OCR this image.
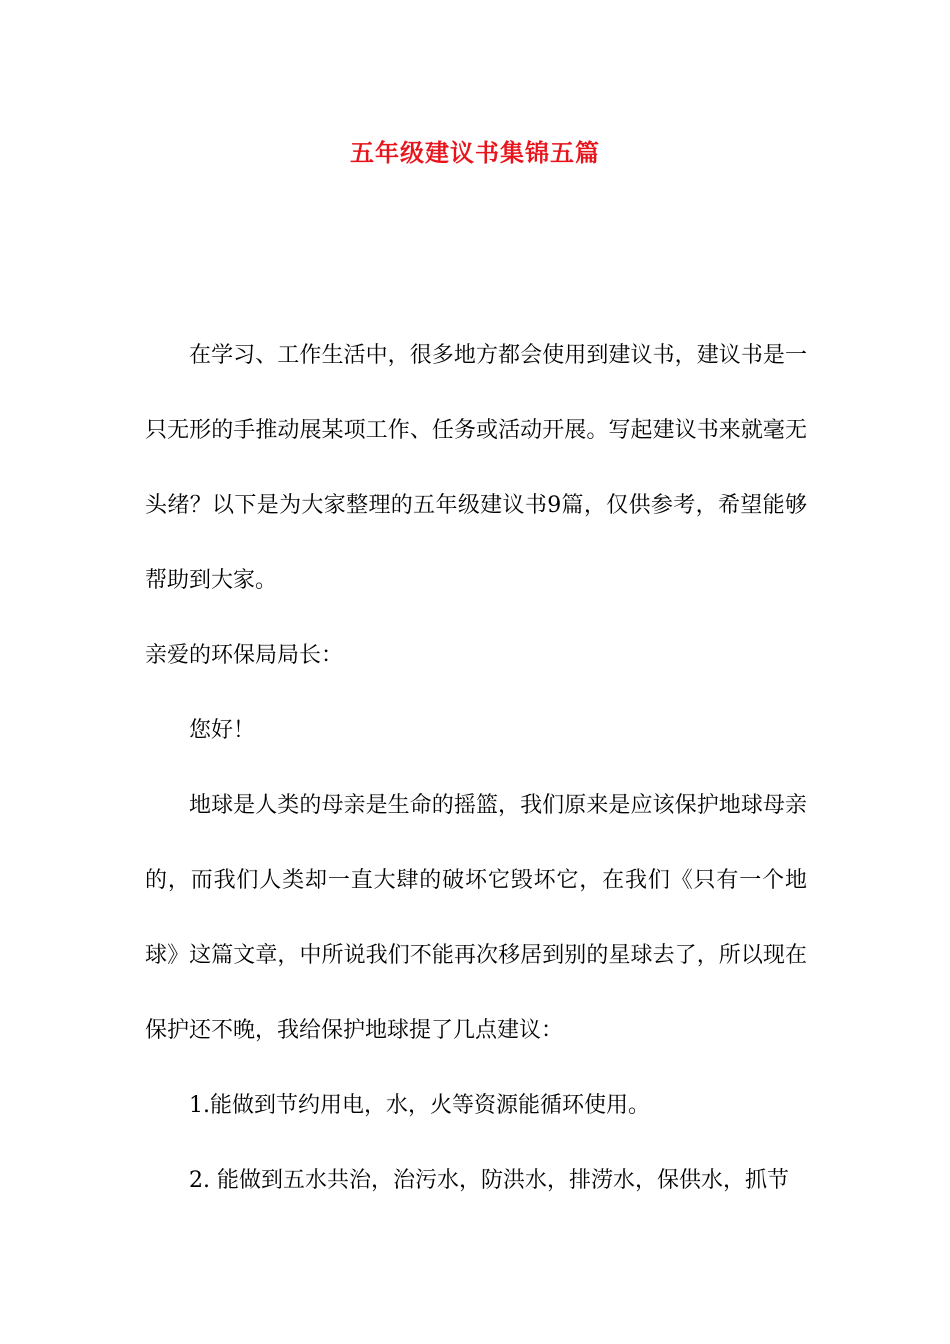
五年级建议书集锦五篇

在学习、工作生活中，很多地方都会使用到建议书，建议书是一只无形的手推动展某项工作、任务或活动开展。写起建议书来就毫无头绪？以下是为大家整理的五年级建议书9篇，仅供参考，希望能够帮助到大家。

亲爱的环保局局长：

您好！

地球是人类的母亲是生命的摇篮，我们原来是应该保护地球母亲的，而我们人类却一直大肆的破坏它毁坏它，在我们《只有一个地球》这篇文章，中所说我们不能再次移居到别的星球去了，所以现在保护还不晚，我给保护地球提了几点建议：

1.能做到节约用电，水，火等资源能循环使用。

2. 能做到五水共治，治污水，防洪水，排涝水，保供水，抓节
